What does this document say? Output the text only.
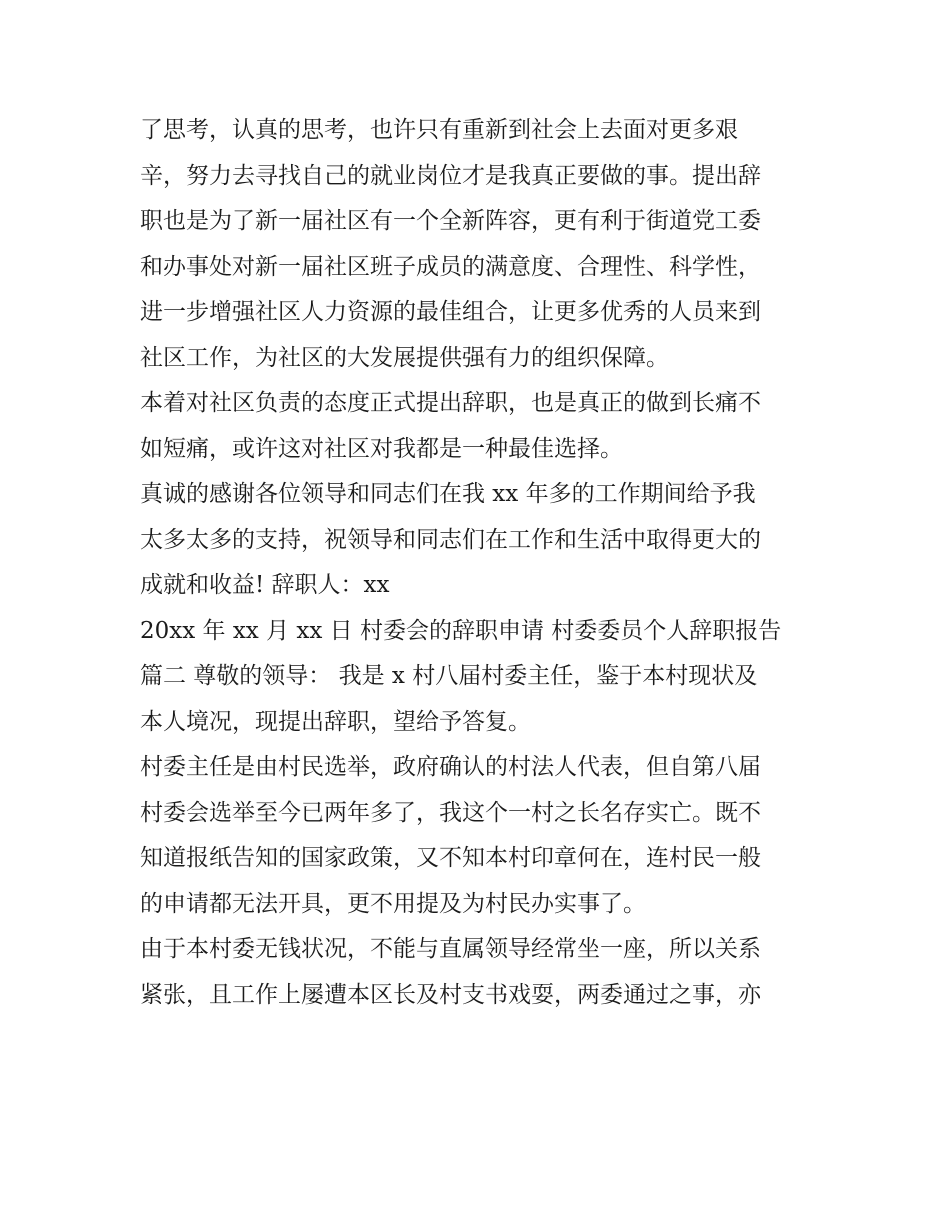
了思考，认真的思考，也许只有重新到社会上去面对更多艰
辛，努力去寻找自己的就业岗位才是我真正要做的事。提出辞
职也是为了新一届社区有一个全新阵容，更有利于街道党工委
和办事处对新一届社区班子成员的满意度、合理性、科学性，
进一步增强社区人力资源的最佳组合，让更多优秀的人员来到
社区工作，为社区的大发展提供强有力的组织保障。
本着对社区负责的态度正式提出辞职，也是真正的做到长痛不
如短痛，或许这对社区对我都是一种最佳选择。
真诚的感谢各位领导和同志们在我 xx 年多的工作期间给予我
太多太多的支持，祝领导和同志们在工作和生活中取得更大的
成就和收益! 辞职人：xx
20xx 年 xx 月 xx 日 村委会的辞职申请 村委委员个人辞职报告
篇二 尊敬的领导： 我是 x 村八届村委主任，鉴于本村现状及
本人境况，现提出辞职，望给予答复。
村委主任是由村民选举，政府确认的村法人代表，但自第八届
村委会选举至今已两年多了，我这个一村之长名存实亡。既不
知道报纸告知的国家政策，又不知本村印章何在，连村民一般
的申请都无法开具，更不用提及为村民办实事了。
由于本村委无钱状况，不能与直属领导经常坐一座，所以关系
紧张，且工作上屡遭本区长及村支书戏耍，两委通过之事，亦
